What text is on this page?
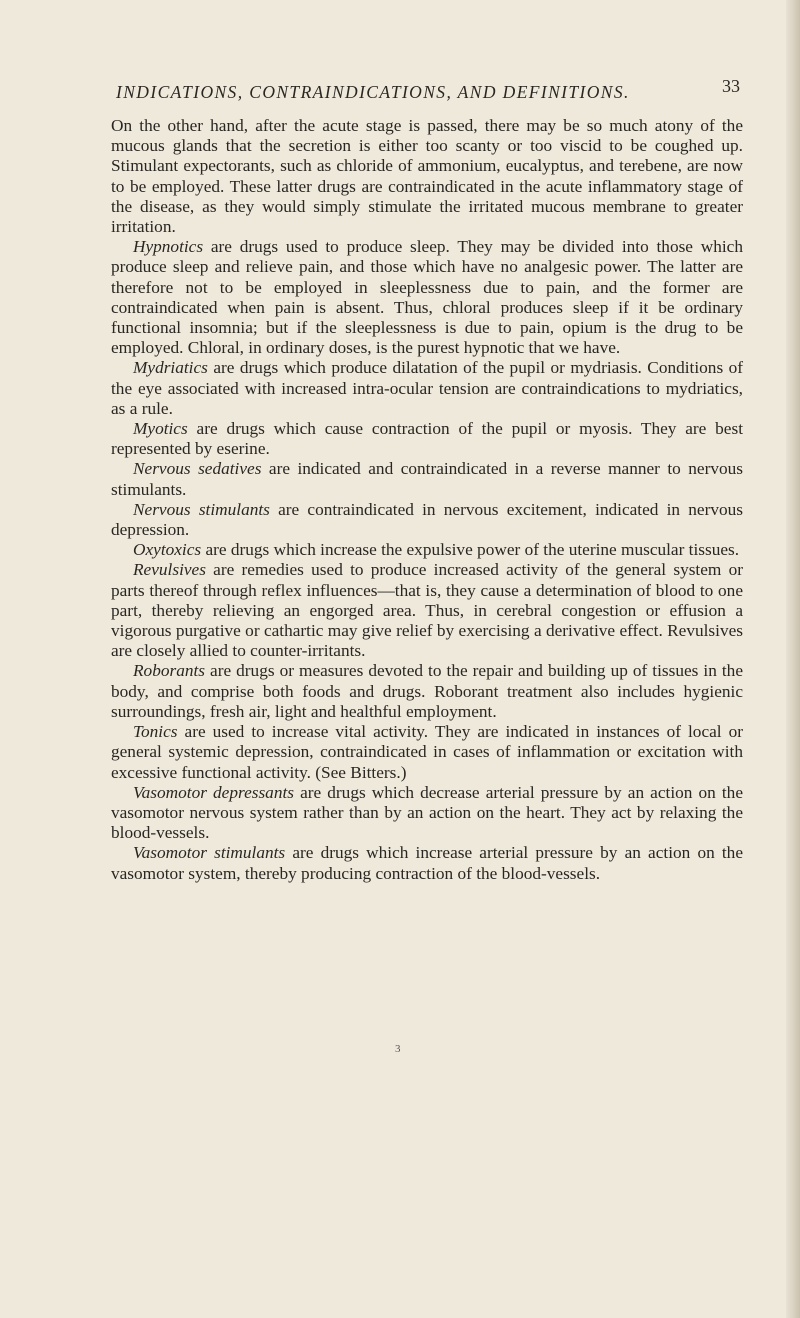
INDICATIONS, CONTRAINDICATIONS, AND DEFINITIONS.	33

On the other hand, after the acute stage is passed, there may be so much atony of the mucous glands that the secretion is either too scanty or too viscid to be coughed up. Stimulant expectorants, such as chloride of ammonium, eucalyptus, and terebene, are now to be employed. These latter drugs are contraindicated in the acute inflammatory stage of the disease, as they would simply stimulate the irritated mucous membrane to greater irritation.

Hypnotics are drugs used to produce sleep. They may be divided into those which produce sleep and relieve pain, and those which have no analgesic power. The latter are therefore not to be employed in sleeplessness due to pain, and the former are contraindicated when pain is absent. Thus, chloral produces sleep if it be ordinary functional insomnia; but if the sleeplessness is due to pain, opium is the drug to be employed. Chloral, in ordinary doses, is the purest hypnotic that we have.

Mydriatics are drugs which produce dilatation of the pupil or mydriasis. Conditions of the eye associated with increased intra-ocular tension are contraindications to mydriatics, as a rule.

Myotics are drugs which cause contraction of the pupil or myosis. They are best represented by eserine.

Nervous sedatives are indicated and contraindicated in a reverse manner to nervous stimulants.

Nervous stimulants are contraindicated in nervous excitement, indicated in nervous depression.

Oxytoxics are drugs which increase the expulsive power of the uterine muscular tissues.

Revulsives are remedies used to produce increased activity of the general system or parts thereof through reflex influences—that is, they cause a determination of blood to one part, thereby relieving an engorged area. Thus, in cerebral congestion or effusion a vigorous purgative or cathartic may give relief by exercising a derivative effect. Revulsives are closely allied to counter-irritants.

Roborants are drugs or measures devoted to the repair and building up of tissues in the body, and comprise both foods and drugs. Roborant treatment also includes hygienic surroundings, fresh air, light and healthful employment.

Tonics are used to increase vital activity. They are indicated in instances of local or general systemic depression, contraindicated in cases of inflammation or excitation with excessive functional activity. (See Bitters.)

Vasomotor depressants are drugs which decrease arterial pressure by an action on the vasomotor nervous system rather than by an action on the heart. They act by relaxing the blood-vessels.

Vasomotor stimulants are drugs which increase arterial pressure by an action on the vasomotor system, thereby producing contraction of the blood-vessels.

3
